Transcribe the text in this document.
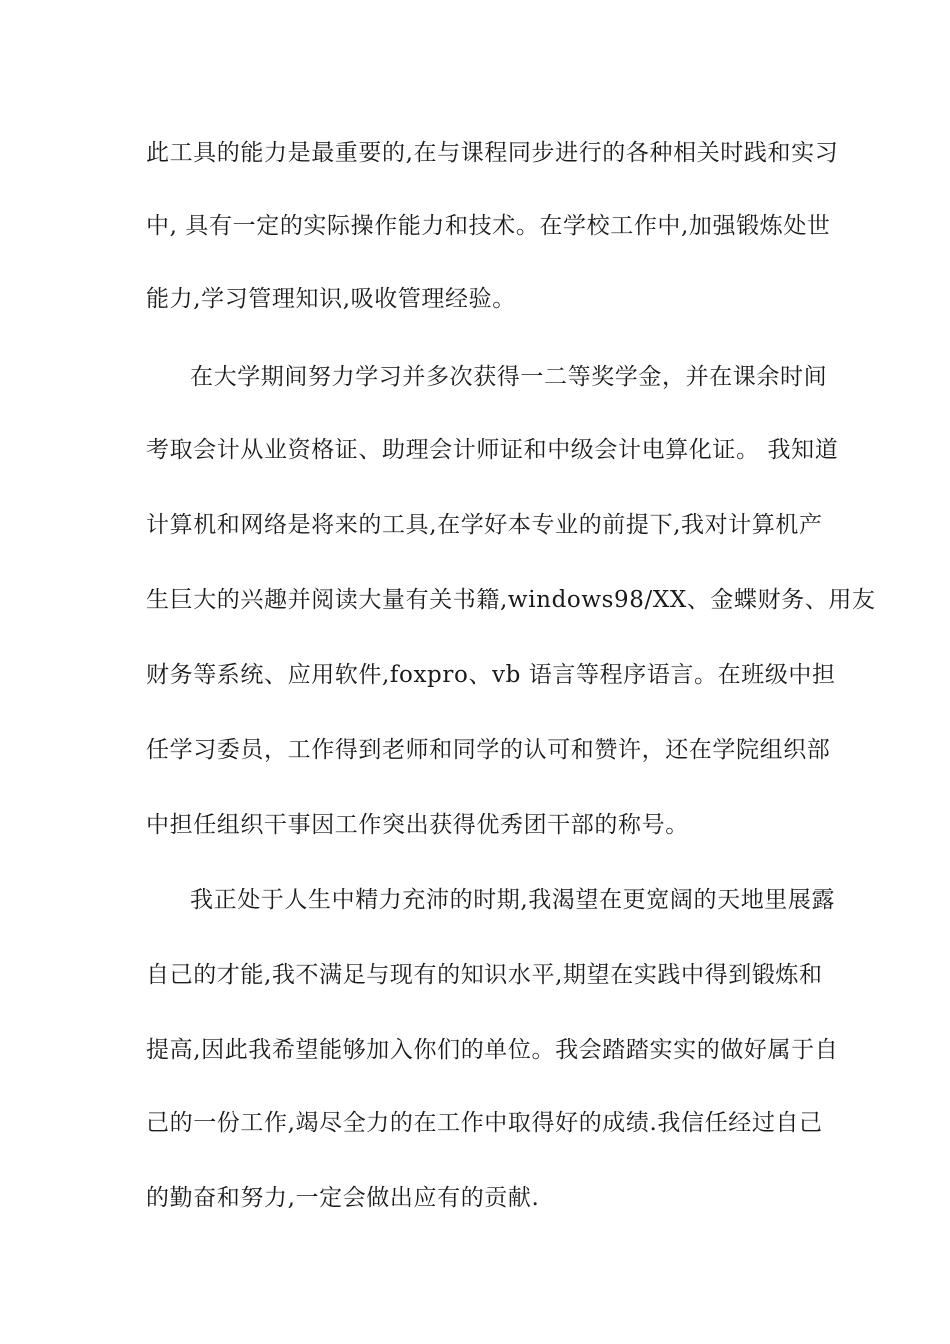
此工具的能力是最重要的,在与课程同步进行的各种相关时践和实习
中, 具有一定的实际操作能力和技术。在学校工作中,加强锻炼处世
能力,学习管理知识,吸收管理经验。
在大学期间努力学习并多次获得一二等奖学金，并在课余时间
考取会计从业资格证、助理会计师证和中级会计电算化证。 我知道
计算机和网络是将来的工具,在学好本专业的前提下,我对计算机产
生巨大的兴趣并阅读大量有关书籍,windows98/XX、金蝶财务、用友
财务等系统、应用软件,foxpro、vb 语言等程序语言。在班级中担
任学习委员，工作得到老师和同学的认可和赞许，还在学院组织部
中担任组织干事因工作突出获得优秀团干部的称号。
我正处于人生中精力充沛的时期,我渴望在更宽阔的天地里展露
自己的才能,我不满足与现有的知识水平,期望在实践中得到锻炼和
提高,因此我希望能够加入你们的单位。我会踏踏实实的做好属于自
己的一份工作,竭尽全力的在工作中取得好的成绩.我信任经过自己
的勤奋和努力,一定会做出应有的贡献.
